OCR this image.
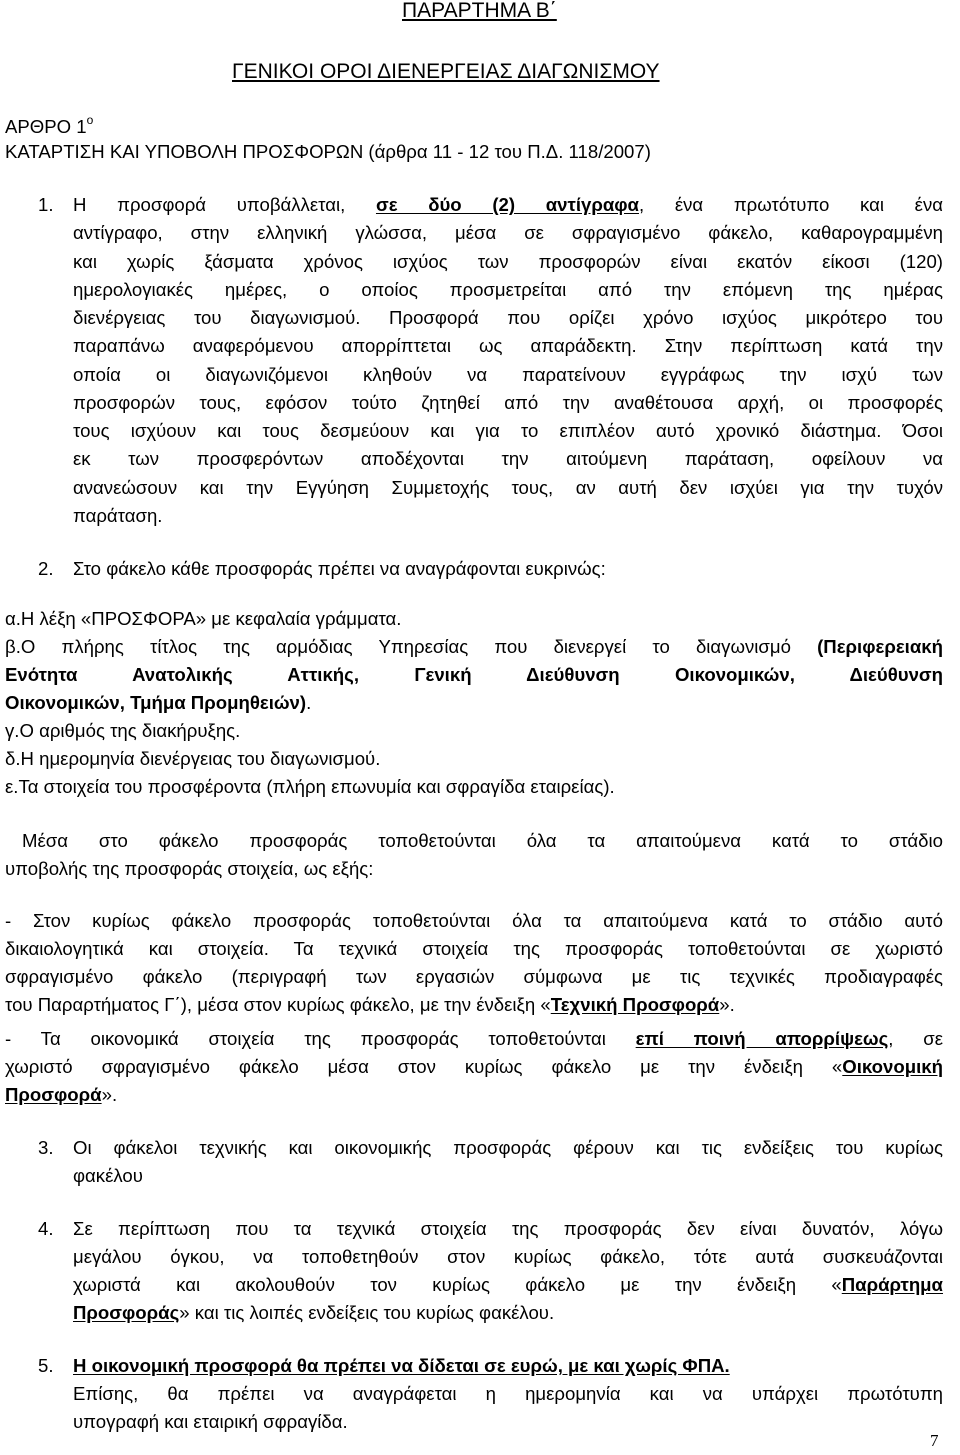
ΠΑΡΑΡΤΗΜΑ Β΄
ΓΕΝΙΚΟΙ ΟΡΟΙ ΔΙΕΝΕΡΓΕΙΑΣ ΔΙΑΓΩΝΙΣΜΟΥ
ΑΡΘΡΟ $1^o$
ΚΑΤΑΡΤΙΣΗ ΚΑΙ ΥΠΟΒΟΛΗ ΠΡΟΣΦΟΡΩΝ (άρθρα 11 - 12 του Π.Δ. 118/2007)
1. Η προσφορά υποβάλλεται, σε δύο (2) αντίγραφα, ένα πρωτότυπο και ένα
αντίγραφο, στην ελληνική γλώσσα, μέσα σε σφραγισμένο φάκελο, καθαρογραμμένη
και χωρίς ξάσματα χρόνος ισχύος των προσφορών είναι εκατόν είκοσι (120)
ημερολογιακές ημέρες, ο οποίος προσμετρείται από την επόμενη της ημέρας
διενέργειας του διαγωνισμού. Προσφορά που ορίζει χρόνο ισχύος μικρότερο του
παραπάνω αναφερόμενου απορρίπτεται ως απαράδεκτη. Στην περίπτωση κατά την
οποία οι διαγωνιζόμενοι κληθούν να παρατείνουν εγγράφως την ισχύ των
προσφορών τους, εφόσον τούτο ζητηθεί από την αναθέτουσα αρχή, οι προσφορές
τους ισχύουν και τους δεσμεύουν και για το επιπλέον αυτό χρονικό διάστημα. Όσοι
εκ των προσφερόντων αποδέχονται την αιτούμενη παράταση, οφείλουν να
ανανεώσουν και την Εγγύηση Συμμετοχής τους, αν αυτή δεν ισχύει για την τυχόν
παράταση.
2. Στο φάκελο κάθε προσφοράς πρέπει να αναγράφονται ευκρινώς:
α.Η λέξη «ΠΡΟΣΦΟΡΑ» με κεφαλαία γράμματα.
β.Ο πλήρης τίτλος της αρμόδιας Υπηρεσίας που διενεργεί το διαγωνισμό (Περιφερειακή
Ενότητα Ανατολικής Αττικής, Γενική Διεύθυνση Οικονομικών, Διεύθυνση
Οικονομικών, Τμήμα Προμηθειών).
γ.Ο αριθμός της διακήρυξης.
δ.Η ημερομηνία διενέργειας του διαγωνισμού.
ε.Τα στοιχεία του προσφέροντα (πλήρη επωνυμία και σφραγίδα εταιρείας).
Μέσα στο φάκελο προσφοράς τοποθετούνται όλα τα απαιτούμενα κατά το στάδιο
υποβολής της προσφοράς στοιχεία, ως εξής:
- Στον κυρίως φάκελο προσφοράς τοποθετούνται όλα τα απαιτούμενα κατά το στάδιο αυτό
δικαιολογητικά και στοιχεία. Τα τεχνικά στοιχεία της προσφοράς τοποθετούνται σε χωριστό
σφραγισμένο φάκελο (περιγραφή των εργασιών σύμφωνα με τις τεχνικές προδιαγραφές
του Παραρτήματος Γ΄), μέσα στον κυρίως φάκελο, με την ένδειξη «Τεχνική Προσφορά».
- Τα οικονομικά στοιχεία της προσφοράς τοποθετούνται επί ποινή απορρίψεως, σε
χωριστό σφραγισμένο φάκελο μέσα στον κυρίως φάκελο με την ένδειξη «Οικονομική
Προσφορά».
3. Οι φάκελοι τεχνικής και οικονομικής προσφοράς φέρουν και τις ενδείξεις του κυρίως
φακέλου
4. Σε περίπτωση που τα τεχνικά στοιχεία της προσφοράς δεν είναι δυνατόν, λόγω
μεγάλου όγκου, να τοποθετηθούν στον κυρίως φάκελο, τότε αυτά συσκευάζονται
χωριστά και ακολουθούν τον κυρίως φάκελο με την ένδειξη «Παράρτημα
Προσφοράς» και τις λοιπές ενδείξεις του κυρίως φακέλου.
5. Η οικονομική προσφορά θα πρέπει να δίδεται σε ευρώ, με και χωρίς ΦΠΑ.
Επίσης, θα πρέπει να αναγράφεται η ημερομηνία και να υπάρχει πρωτότυπη
υπογραφή και εταιρική σφραγίδα.
7
